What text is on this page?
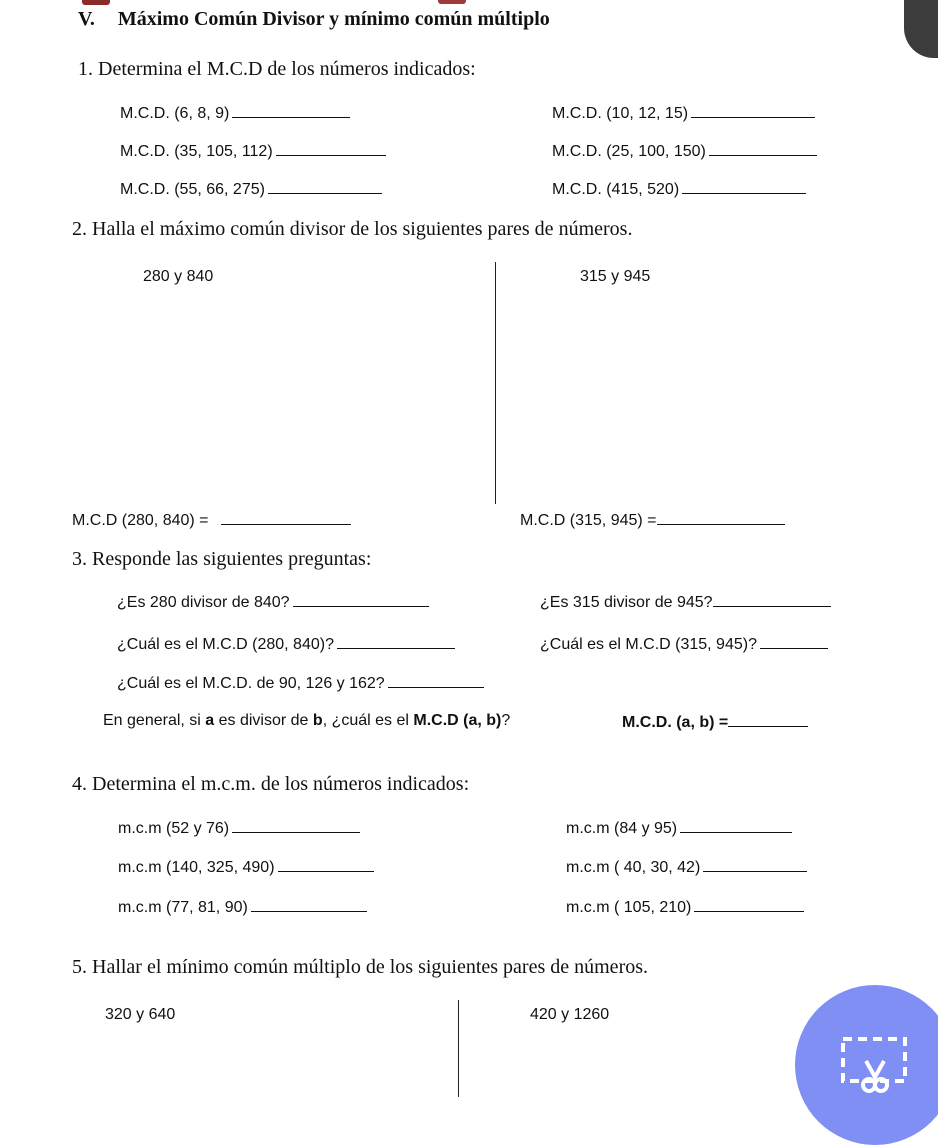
V. Máximo Común Divisor y mínimo común múltiplo
1. Determina el M.C.D de los números indicados:
M.C.D. (6, 8, 9)	M.C.D. (10, 12, 15)
M.C.D. (35, 105, 112)	M.C.D. (25, 100, 150)
M.C.D. (55, 66, 275)	M.C.D. (415, 520)
2. Halla el máximo común divisor de los siguientes pares de números.
280 y 840	315 y 945
M.C.D (280, 840) =	M.C.D (315, 945) =
3. Responde las siguientes preguntas:
¿Es 280 divisor de 840?	¿Es 315 divisor de 945?
¿Cuál es el M.C.D (280, 840)?	¿Cuál es el M.C.D (315, 945)?
¿Cuál es el M.C.D. de 90, 126 y 162?
En general, si a es divisor de b, ¿cuál es el M.C.D (a, b)?	M.C.D. (a, b) =
4. Determina el m.c.m. de los números indicados:
m.c.m (52 y 76)	m.c.m (84 y 95)
m.c.m (140, 325, 490)	m.c.m ( 40, 30, 42)
m.c.m (77, 81, 90)	m.c.m ( 105, 210)
5. Hallar el mínimo común múltiplo de los siguientes pares de números.
320 y 640	420 y 1260
